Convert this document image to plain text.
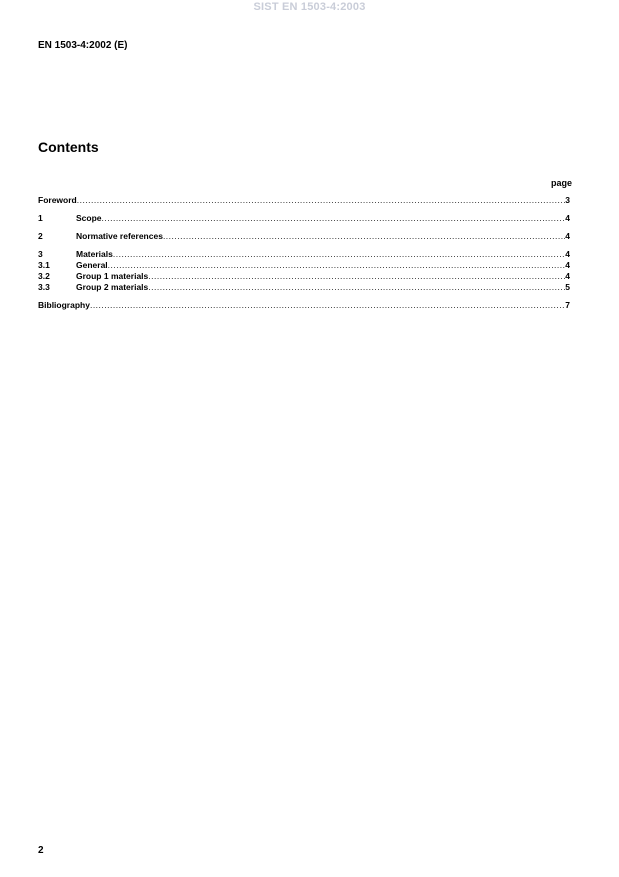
SIST EN 1503-4:2003
EN 1503-4:2002 (E)
Contents
page
Foreword .....	3
1	Scope .....	4
2	Normative references .....	4
3	Materials .....	4
3.1	General .....	4
3.2	Group 1 materials .....	4
3.3	Group 2 materials .....	5
Bibliography .....	7
2
